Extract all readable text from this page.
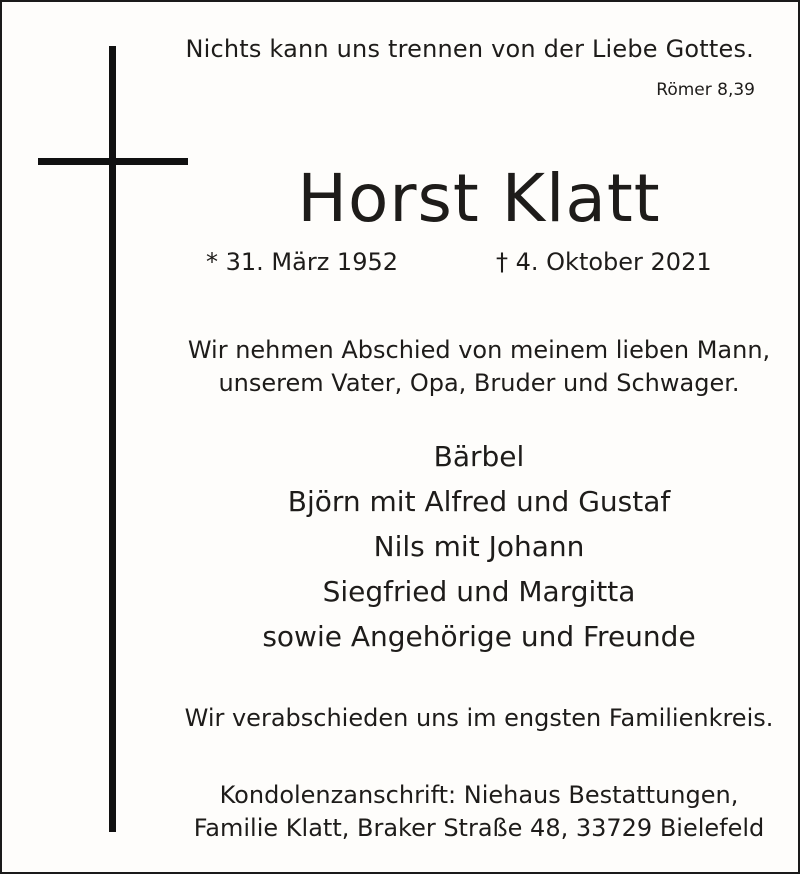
Nichts kann uns trennen von der Liebe Gottes.
Römer 8,39
Horst Klatt
* 31. März 1952	† 4. Oktober 2021
Wir nehmen Abschied von meinem lieben Mann,
unserem Vater, Opa, Bruder und Schwager.
Bärbel
Björn mit Alfred und Gustaf
Nils mit Johann
Siegfried und Margitta
sowie Angehörige und Freunde
Wir verabschieden uns im engsten Familienkreis.
Kondolenzanschrift: Niehaus Bestattungen,
Familie Klatt, Braker Straße 48, 33729 Bielefeld
